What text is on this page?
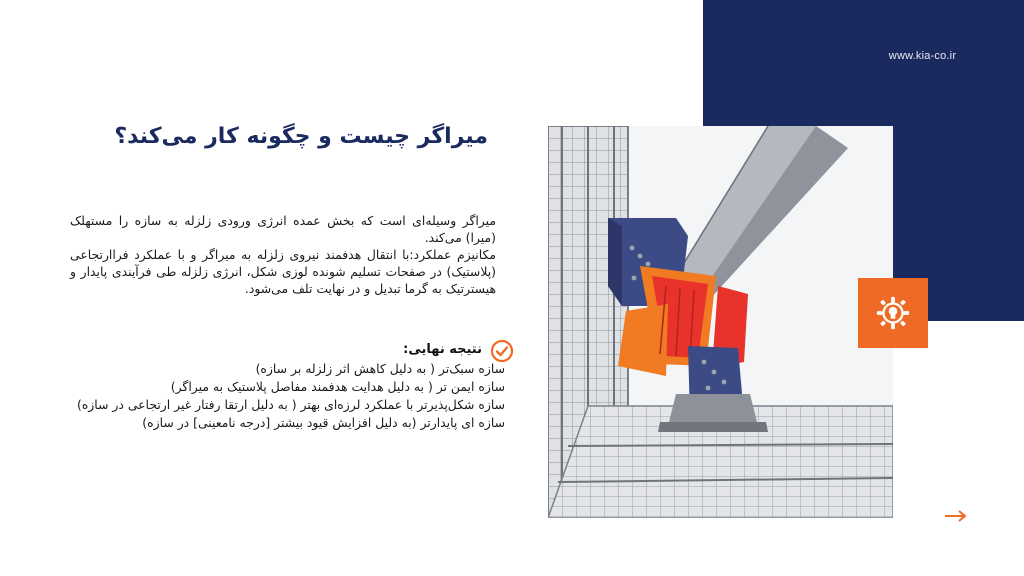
www.kia-co.ir
میراگر چیست و چگونه کار می‌کند؟

میراگر وسیله‌ای است که بخش عمده انرژی ورودی زلزله به سازه را مستهلک (میرا) می‌کند.

مکانیزم عملکرد:با انتقال هدفمند نیروی زلزله به میراگر و با عملکرد فراارتجاعی (پلاستیک) در صفحات تسلیم شونده لوزی شکل، انرژی زلزله طی فرآیندی پایدار و هیسترتیک به گرما تبدیل و در نهایت تلف می‌شود.

نتیجه نهایی:
سازه سبک‌تر ( به دلیل کاهش اثر زلزله بر سازه)
سازه ایمن تر ( به دلیل هدایت هدفمند مفاصل پلاستیک به میراگر)
سازه شکل‌پذیرتر با عملکرد لرزه‌ای بهتر ( به دلیل ارتقا رفتار غیر ارتجاعی در سازه)
سازه ای پایدارتر (به دلیل افزایش قیود بیشتر [درجه نامعینی] در سازه)
